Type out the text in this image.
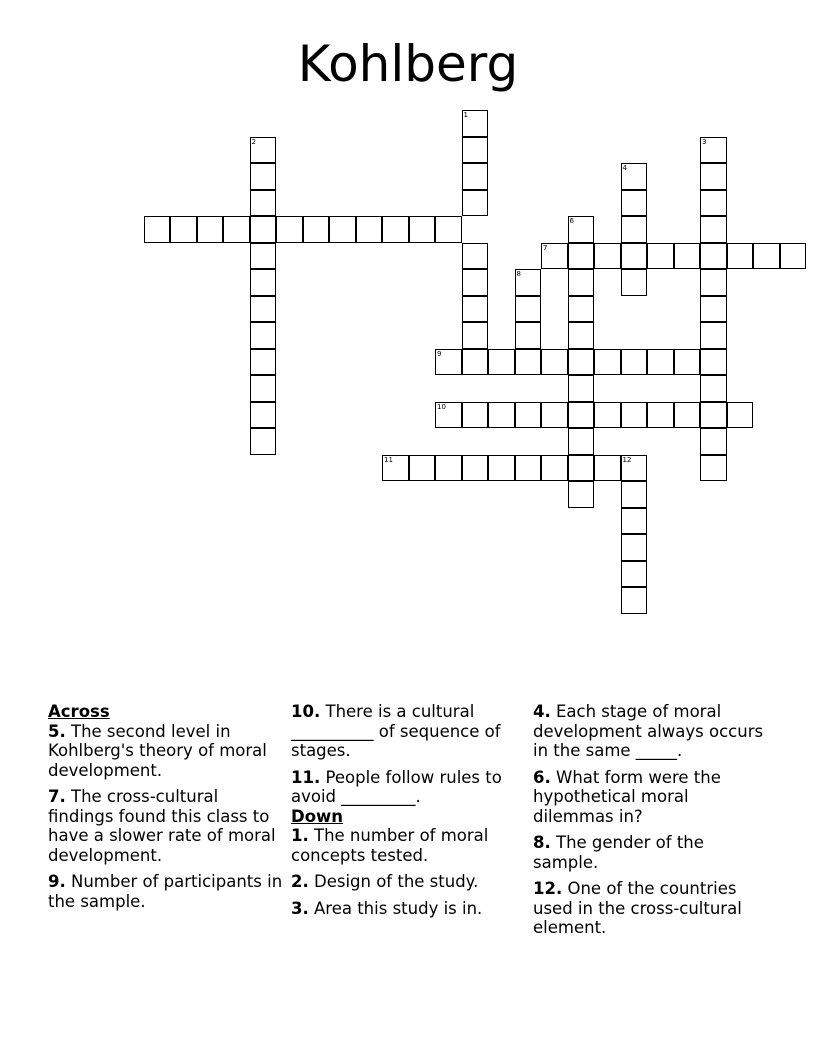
Kohlberg
1
2	3
4
6
7
8
9
10
11	12
Across
5. The second level in Kohlberg's theory of moral development.
7. The cross-cultural findings found this class to have a slower rate of moral development.
9. Number of participants in the sample.
10. There is a cultural __________ of sequence of stages.
11. People follow rules to avoid _________.
Down
1. The number of moral concepts tested.
2. Design of the study.
3. Area this study is in.
4. Each stage of moral development always occurs in the same _____.
6. What form were the hypothetical moral dilemmas in?
8. The gender of the sample.
12. One of the countries used in the cross-cultural element.
